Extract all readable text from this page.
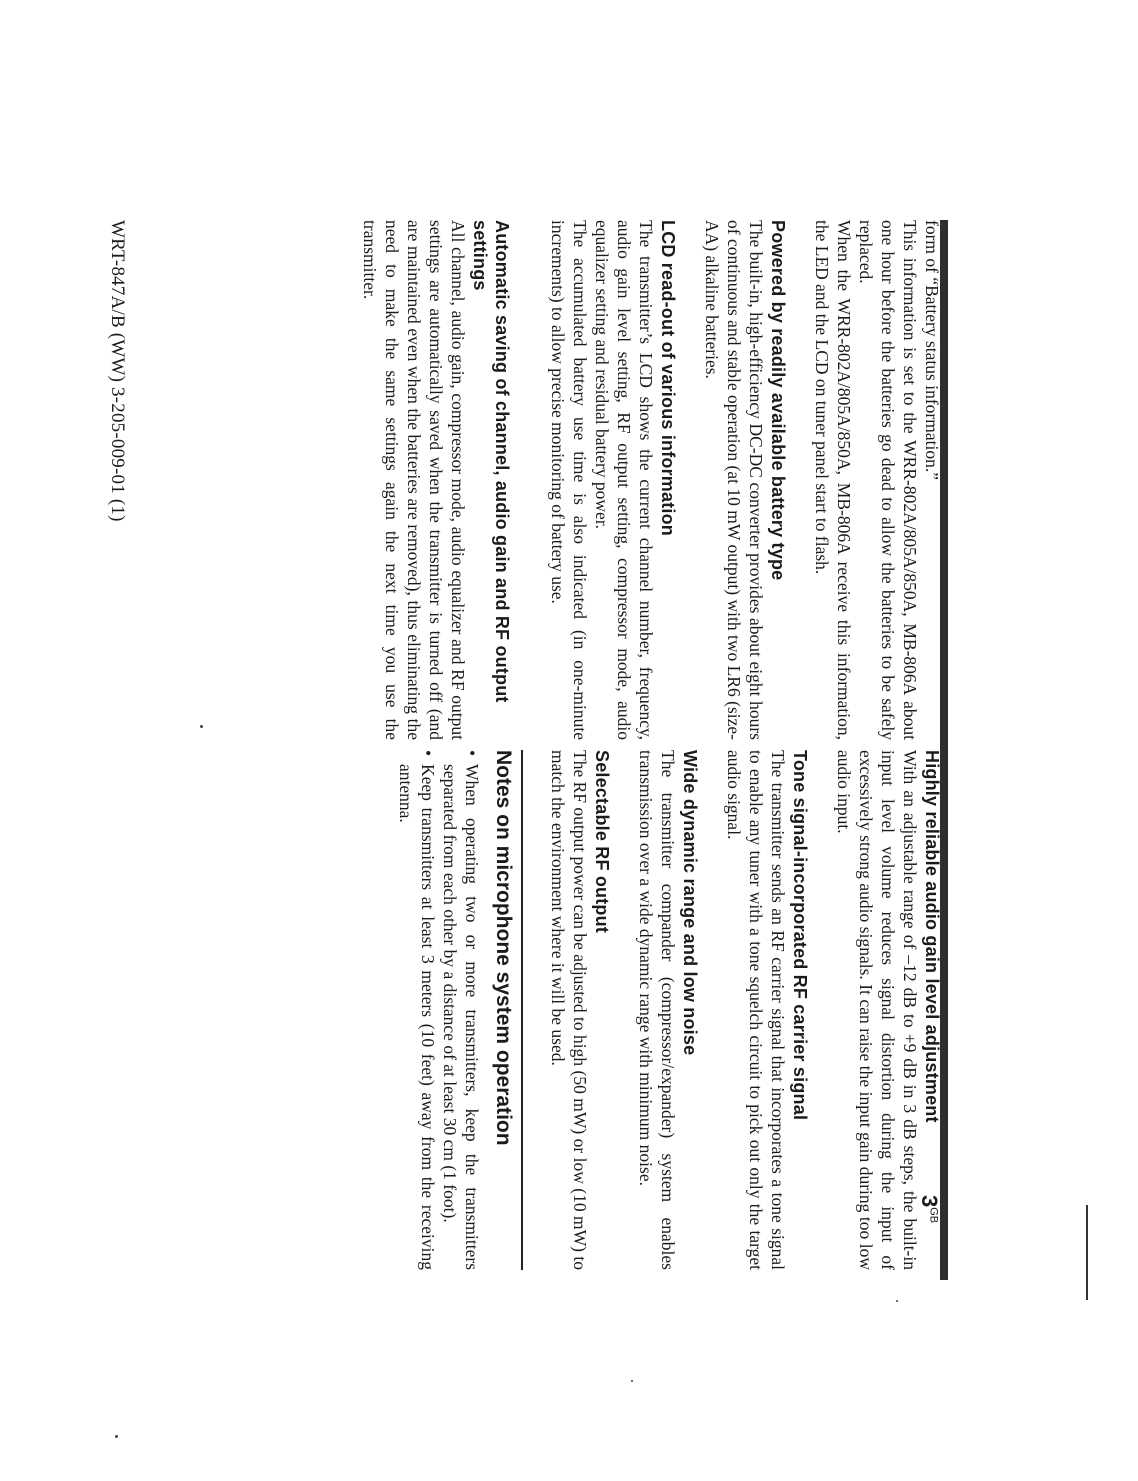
form of “Battery status information.”

This information is set to the WRR-802A/805A/850A, MB-806A about one hour before the batteries go dead to allow the batteries to be safely replaced.

When the WRR-802A/805A/850A, MB-806A receive this information, the LED and the LCD on tuner panel start to flash.

Powered by readily available battery type

The built-in, high-efficiency DC-DC converter provides about eight hours of continuous and stable operation (at 10 mW output) with two LR6 (size-AA) alkaline batteries.

LCD read-out of various information

The transmitter’s LCD shows the current channel number, frequency, audio gain level setting, RF output setting, compressor mode, audio equalizer setting and residual battery power.

The accumulated battery use time is also indicated (in one-minute increments) to allow precise monitoring of battery use.

Automatic saving of channel, audio gain and RF output settings

All channel, audio gain, compressor mode, audio equalizer and RF output settings are automatically saved when the transmitter is turned off (and are maintained even when the batteries are removed), thus eliminating the need to make the same settings again the next time you use the transmitter.

Highly reliable audio gain level adjustment

With an adjustable range of –12 dB to +9 dB in 3 dB steps, the built-in input level volume reduces signal distortion during the input of excessively strong audio signals. It can raise the input gain during too low audio input.

Tone signal-incorporated RF carrier signal

The transmitter sends an RF carrier signal that incorporates a tone signal to enable any tuner with a tone squelch circuit to pick out only the target audio signal.

Wide dynamic range and low noise

The transmitter compander (compressor/expander) system enables transmission over a wide dynamic range with minimum noise.

Selectable RF output

The RF output power can be adjusted to high (50 mW) or low (10 mW) to match the environment where it will be used.

Notes on microphone system operation
• When operating two or more transmitters, keep the transmitters separated from each other by a distance of at least 30 cm (1 foot).
• Keep transmitters at least 3 meters (10 feet) away from the receiving antenna.
$3^{GB}$
WRT-847A/B (WW) 3-205-009-01 (1)
